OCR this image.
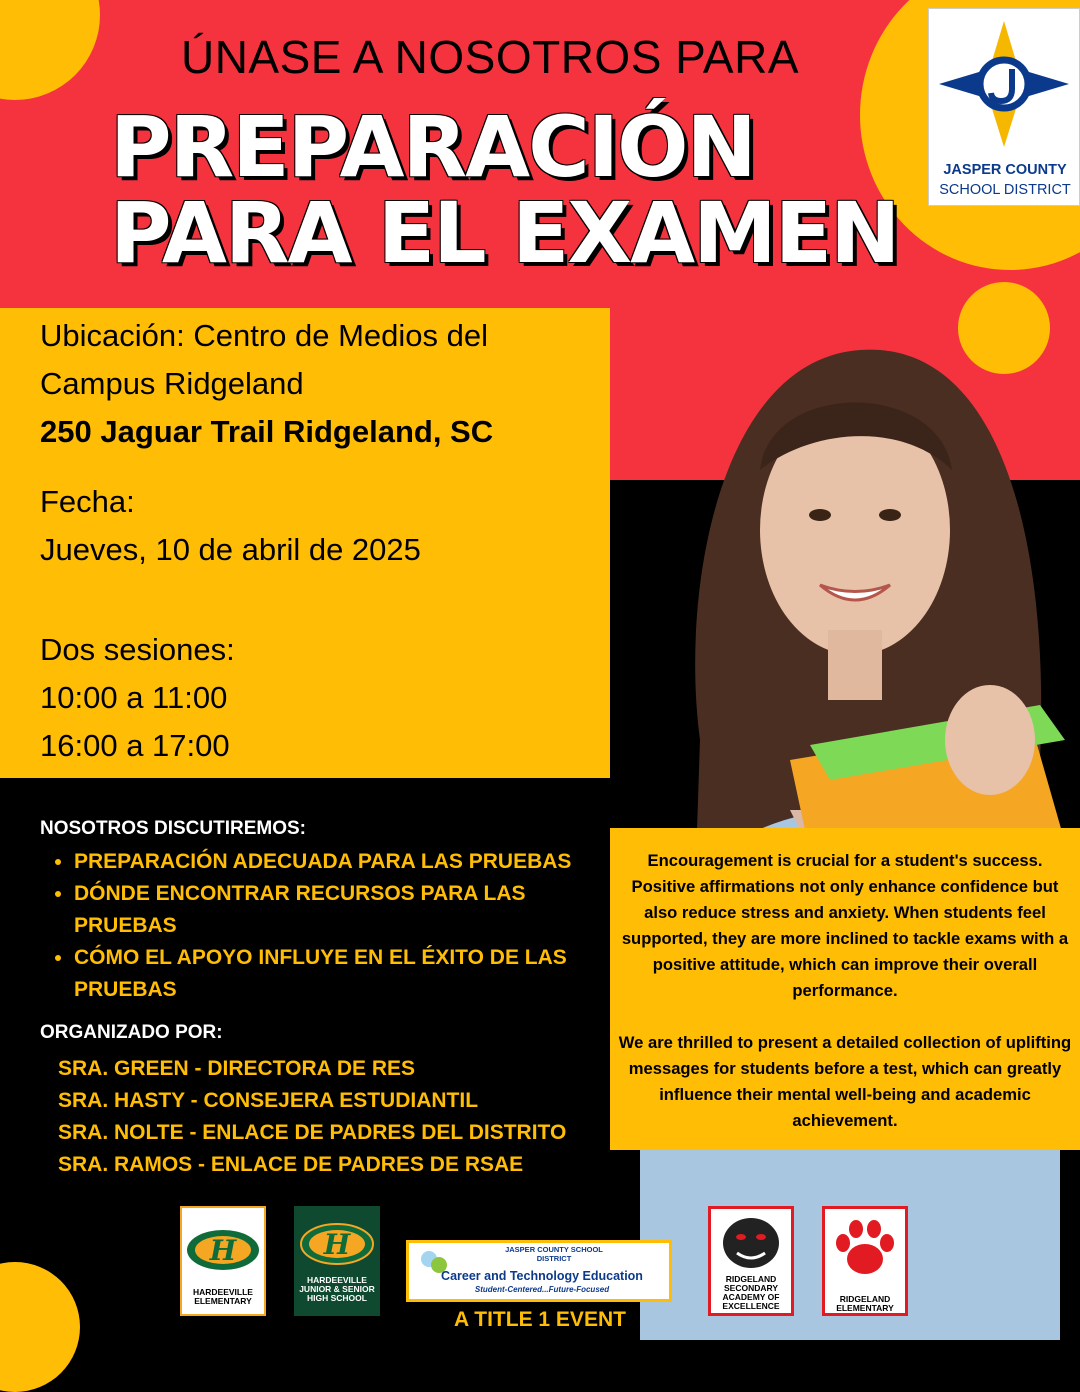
ÚNASE A NOSOTROS PARA
PREPARACIÓN
PARA EL EXAMEN
JASPER COUNTY
SCHOOL DISTRICT
Ubicación: Centro de Medios del
Campus Ridgeland
250 Jaguar Trail Ridgeland, SC
Fecha:
Jueves, 10 de abril de 2025
Dos sesiones:
10:00 a 11:00
16:00 a 17:00
NOSOTROS DISCUTIREMOS:
• PREPARACIÓN ADECUADA PARA LAS PRUEBAS
• DÓNDE ENCONTRAR RECURSOS PARA LAS PRUEBAS
• CÓMO EL APOYO INFLUYE EN EL ÉXITO DE LAS PRUEBAS
ORGANIZADO POR:
SRA. GREEN - DIRECTORA DE RES
SRA. HASTY - CONSEJERA ESTUDIANTIL
SRA. NOLTE - ENLACE DE PADRES DEL DISTRITO
SRA. RAMOS - ENLACE DE PADRES DE RSAE
Encouragement is crucial for a student's success. Positive affirmations not only enhance confidence but also reduce stress and anxiety. When students feel supported, they are more inclined to tackle exams with a positive attitude, which can improve their overall performance.
We are thrilled to present a detailed collection of uplifting messages for students before a test, which can greatly influence their mental well-being and academic achievement.
H
HARDEEVILLE ELEMENTARY
H
HARDEEVILLE JUNIOR & SENIOR HIGH SCHOOL
JASPER COUNTY SCHOOL DISTRICT
Career and Technology Education
Student-Centered...Future-Focused
RIDGELAND SECONDARY ACADEMY OF EXCELLENCE
RIDGELAND ELEMENTARY
A TITLE 1 EVENT
